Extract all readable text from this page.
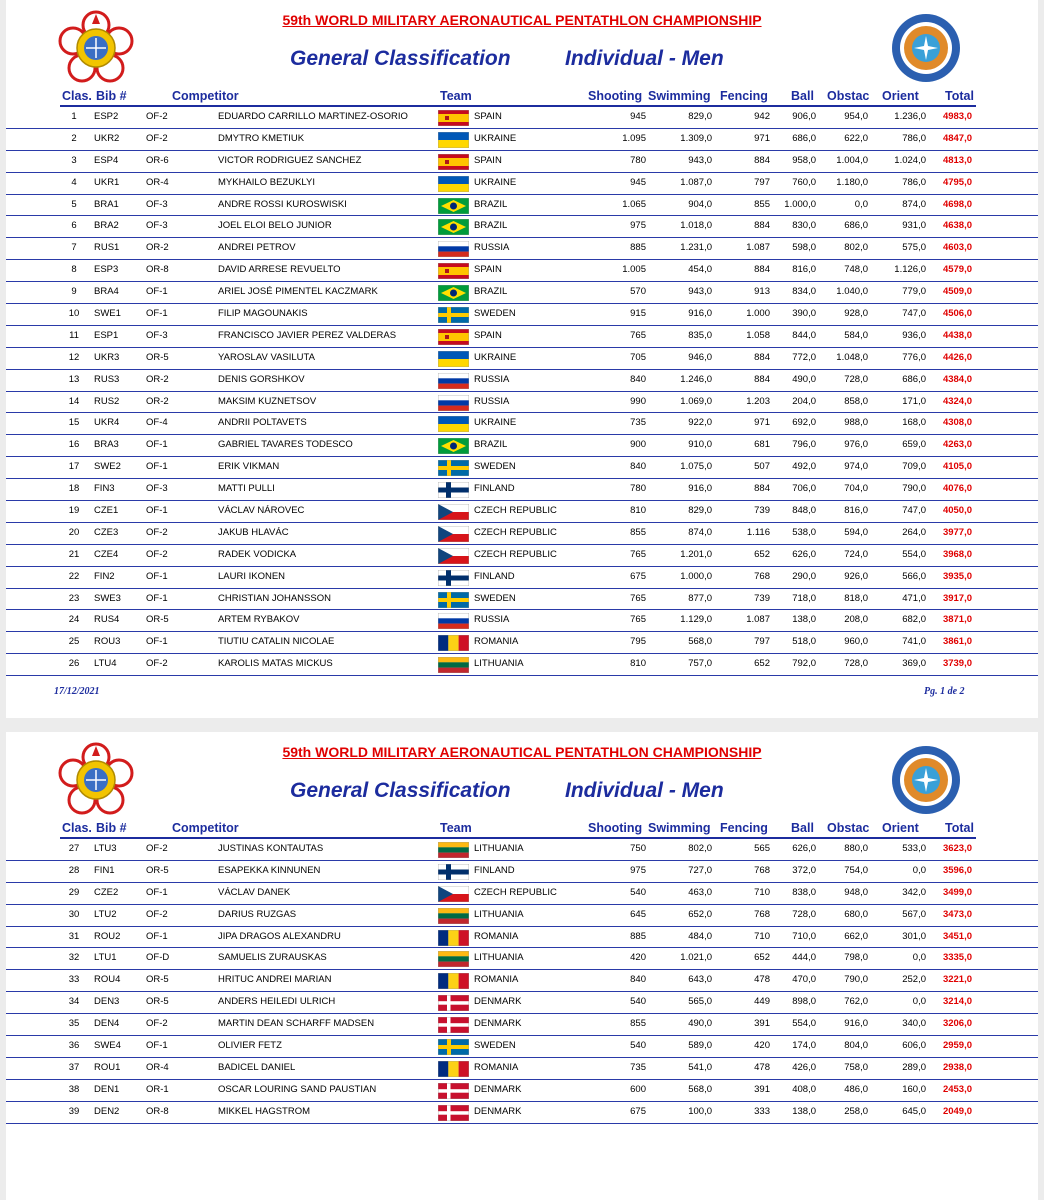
59th WORLD MILITARY AERONAUTICAL PENTATHLON CHAMPIONSHIP
General Classification	Individual - Men
Clas. Bib #	Competitor	Team	Shooting Swimming Fencing Ball Obstac Orient Total
1	ESP2	OF-2	EDUARDO CARRILLO MARTINEZ-OSORIO	SPAIN	945	829,0	942	906,0	954,0	1.236,0	4983,0
2	UKR2	OF-2	DMYTRO KMETIUK	UKRAINE	1.095	1.309,0	971	686,0	622,0	786,0	4847,0
3	ESP4	OR-6	VICTOR RODRIGUEZ SANCHEZ	SPAIN	780	943,0	884	958,0	1.004,0	1.024,0	4813,0
4	UKR1	OR-4	MYKHAILO BEZUKLYI	UKRAINE	945	1.087,0	797	760,0	1.180,0	786,0	4795,0
5	BRA1	OF-3	ANDRE ROSSI KUROSWISKI	BRAZIL	1.065	904,0	855	1.000,0	0,0	874,0	4698,0
6	BRA2	OF-3	JOEL ELOI BELO JUNIOR	BRAZIL	975	1.018,0	884	830,0	686,0	931,0	4638,0
7	RUS1	OR-2	ANDREI PETROV	RUSSIA	885	1.231,0	1.087	598,0	802,0	575,0	4603,0
8	ESP3	OR-8	DAVID ARRESE REVUELTO	SPAIN	1.005	454,0	884	816,0	748,0	1.126,0	4579,0
9	BRA4	OF-1	ARIEL JOSÉ PIMENTEL KACZMARK	BRAZIL	570	943,0	913	834,0	1.040,0	779,0	4509,0
10	SWE1	OF-1	FILIP MAGOUNAKIS	SWEDEN	915	916,0	1.000	390,0	928,0	747,0	4506,0
11	ESP1	OF-3	FRANCISCO JAVIER PEREZ VALDERAS	SPAIN	765	835,0	1.058	844,0	584,0	936,0	4438,0
12	UKR3	OR-5	YAROSLAV VASILUTA	UKRAINE	705	946,0	884	772,0	1.048,0	776,0	4426,0
13	RUS3	OR-2	DENIS GORSHKOV	RUSSIA	840	1.246,0	884	490,0	728,0	686,0	4384,0
14	RUS2	OR-2	MAKSIM KUZNETSOV	RUSSIA	990	1.069,0	1.203	204,0	858,0	171,0	4324,0
15	UKR4	OF-4	ANDRII POLTAVETS	UKRAINE	735	922,0	971	692,0	988,0	168,0	4308,0
16	BRA3	OF-1	GABRIEL TAVARES TODESCO	BRAZIL	900	910,0	681	796,0	976,0	659,0	4263,0
17	SWE2	OF-1	ERIK VIKMAN	SWEDEN	840	1.075,0	507	492,0	974,0	709,0	4105,0
18	FIN3	OF-3	MATTI PULLI	FINLAND	780	916,0	884	706,0	704,0	790,0	4076,0
19	CZE1	OF-1	VÁCLAV NÁROVEC	CZECH REPUBLIC	810	829,0	739	848,0	816,0	747,0	4050,0
20	CZE3	OF-2	JAKUB HLAVÁC	CZECH REPUBLIC	855	874,0	1.116	538,0	594,0	264,0	3977,0
21	CZE4	OF-2	RADEK VODICKA	CZECH REPUBLIC	765	1.201,0	652	626,0	724,0	554,0	3968,0
22	FIN2	OF-1	LAURI IKONEN	FINLAND	675	1.000,0	768	290,0	926,0	566,0	3935,0
23	SWE3	OF-1	CHRISTIAN JOHANSSON	SWEDEN	765	877,0	739	718,0	818,0	471,0	3917,0
24	RUS4	OR-5	ARTEM RYBAKOV	RUSSIA	765	1.129,0	1.087	138,0	208,0	682,0	3871,0
25	ROU3	OF-1	TIUTIU CATALIN NICOLAE	ROMANIA	795	568,0	797	518,0	960,0	741,0	3861,0
26	LTU4	OF-2	KAROLIS MATAS MICKUS	LITHUANIA	810	757,0	652	792,0	728,0	369,0	3739,0
17/12/2021	Pg. 1 de 2
59th WORLD MILITARY AERONAUTICAL PENTATHLON CHAMPIONSHIP
General Classification	Individual - Men
Clas. Bib #	Competitor	Team	Shooting Swimming Fencing Ball Obstac Orient Total
27	LTU3	OF-2	JUSTINAS KONTAUTAS	LITHUANIA	750	802,0	565	626,0	880,0	533,0	3623,0
28	FIN1	OR-5	ESAPEKKA KINNUNEN	FINLAND	975	727,0	768	372,0	754,0	0,0	3596,0
29	CZE2	OF-1	VÁCLAV DANEK	CZECH REPUBLIC	540	463,0	710	838,0	948,0	342,0	3499,0
30	LTU2	OF-2	DARIUS RUZGAS	LITHUANIA	645	652,0	768	728,0	680,0	567,0	3473,0
31	ROU2	OF-1	JIPA DRAGOS ALEXANDRU	ROMANIA	885	484,0	710	710,0	662,0	301,0	3451,0
32	LTU1	OF-D	SAMUELIS ZURAUSKAS	LITHUANIA	420	1.021,0	652	444,0	798,0	0,0	3335,0
33	ROU4	OR-5	HRITUC ANDREI MARIAN	ROMANIA	840	643,0	478	470,0	790,0	252,0	3221,0
34	DEN3	OR-5	ANDERS HEILEDI ULRICH	DENMARK	540	565,0	449	898,0	762,0	0,0	3214,0
35	DEN4	OF-2	MARTIN DEAN SCHARFF MADSEN	DENMARK	855	490,0	391	554,0	916,0	340,0	3206,0
36	SWE4	OF-1	OLIVIER FETZ	SWEDEN	540	589,0	420	174,0	804,0	606,0	2959,0
37	ROU1	OR-4	BADICEL DANIEL	ROMANIA	735	541,0	478	426,0	758,0	289,0	2938,0
38	DEN1	OR-1	OSCAR LOURING SAND PAUSTIAN	DENMARK	600	568,0	391	408,0	486,0	160,0	2453,0
39	DEN2	OR-8	MIKKEL HAGSTROM	DENMARK	675	100,0	333	138,0	258,0	645,0	2049,0
